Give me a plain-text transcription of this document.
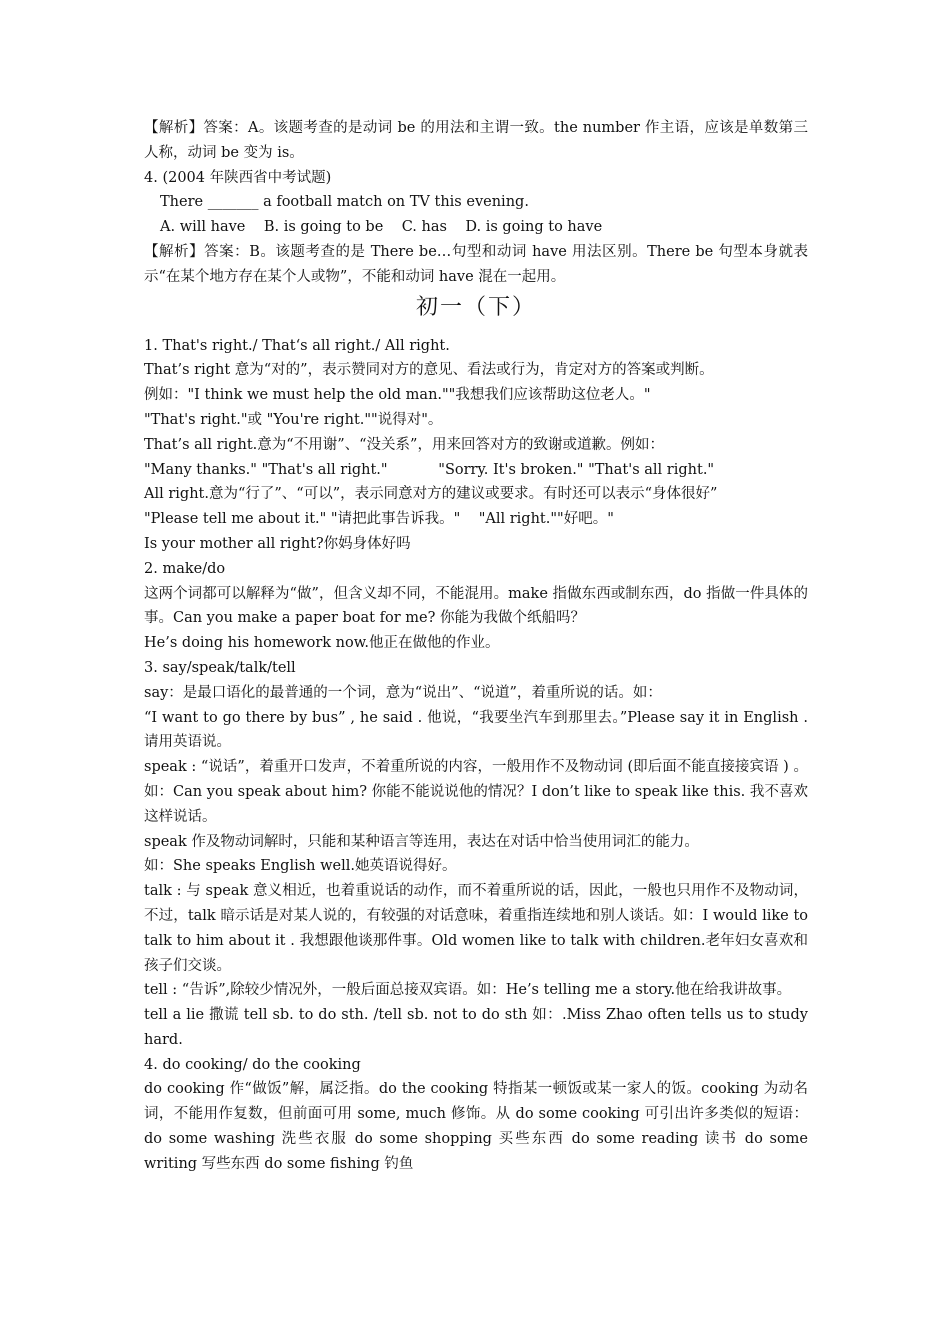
【解析】答案：A。该题考查的是动词 be 的用法和主谓一致。the number 作主语，应该是单数第三人称，动词 be 变为 is。

4. (2004 年陕西省中考试题)

There _______ a football match on TV this evening.

A. will have    B. is going to be    C. has    D. is going to have

【解析】答案：B。该题考查的是 There be…句型和动词 have 用法区别。There be 句型本身就表示“在某个地方存在某个人或物”，不能和动词 have 混在一起用。

初一（下）

1. That's right./ That‘s all right./ All right.

That’s right 意为“对的”，表示赞同对方的意见、看法或行为，肯定对方的答案或判断。

例如："I think we must help the old man.""我想我们应该帮助这位老人。"

"That's right."或 "You're right.""说得对"。

That’s all right.意为“不用谢”、“没关系”，用来回答对方的致谢或道歉。例如：

"Many thanks." "That's all right."           "Sorry. It's broken." "That's all right."

All right.意为“行了”、“可以”，表示同意对方的建议或要求。有时还可以表示“身体很好”

"Please tell me about it." "请把此事告诉我。"    "All right.""好吧。"

Is your mother all right?你妈身体好吗

2. make/do

这两个词都可以解释为“做”，但含义却不同，不能混用。make 指做东西或制东西，do 指做一件具体的事。Can you make a paper boat for me? 你能为我做个纸船吗？

He’s doing his homework now.他正在做他的作业。

3. say/speak/talk/tell

say：是最口语化的最普通的一个词，意为“说出”、“说道”，着重所说的话。如：

“I want to go there by bus” , he said . 他说，“我要坐汽车到那里去。”Please say it in English . 请用英语说。

speak : “说话”，着重开口发声，不着重所说的内容，一般用作不及物动词 (即后面不能直接接宾语 ) 。如：Can you speak about him? 你能不能说说他的情况？I don’t like to speak like this. 我不喜欢这样说话。

speak 作及物动词解时，只能和某种语言等连用，表达在对话中恰当使用词汇的能力。

如：She speaks English well.她英语说得好。

talk : 与 speak 意义相近，也着重说话的动作，而不着重所说的话，因此，一般也只用作不及物动词， 不过，talk 暗示话是对某人说的，有较强的对话意味，着重指连续地和别人谈话。如：I would like to talk to him about it . 我想跟他谈那件事。Old women like to talk with children.老年妇女喜欢和孩子们交谈。

tell : “告诉”,除较少情况外，一般后面总接双宾语。如：He’s telling me a story.他在给我讲故事。

tell a lie 撒谎 tell sb. to do sth. /tell sb. not to do sth 如：.Miss Zhao often tells us to study hard.

4. do cooking/ do the cooking

do cooking 作“做饭”解，属泛指。do the cooking 特指某一顿饭或某一家人的饭。cooking 为动名词，不能用作复数，但前面可用 some, much 修饰。从 do some cooking 可引出许多类似的短语：do some washing 洗些衣服 do some shopping 买些东西 do some reading 读书 do some writing 写些东西 do some fishing 钓鱼
